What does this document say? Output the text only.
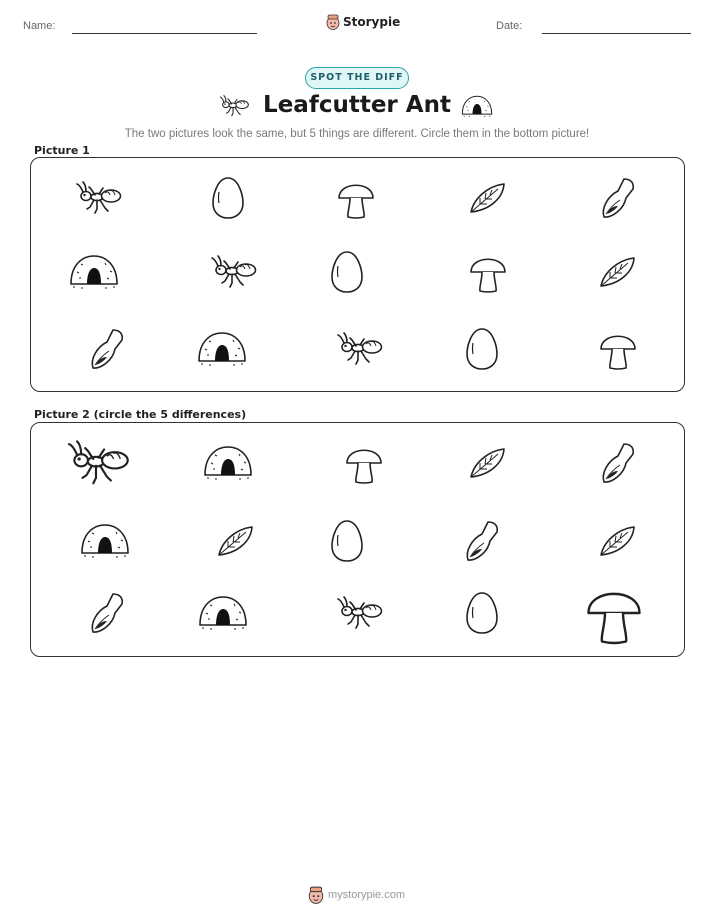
Name:	Storypie	Date:
SPOT THE DIFF
Leafcutter Ant
The two pictures look the same, but 5 things are different. Circle them in the bottom picture!
Picture 1
Picture 2 (circle the 5 differences)
mystorypie.com
